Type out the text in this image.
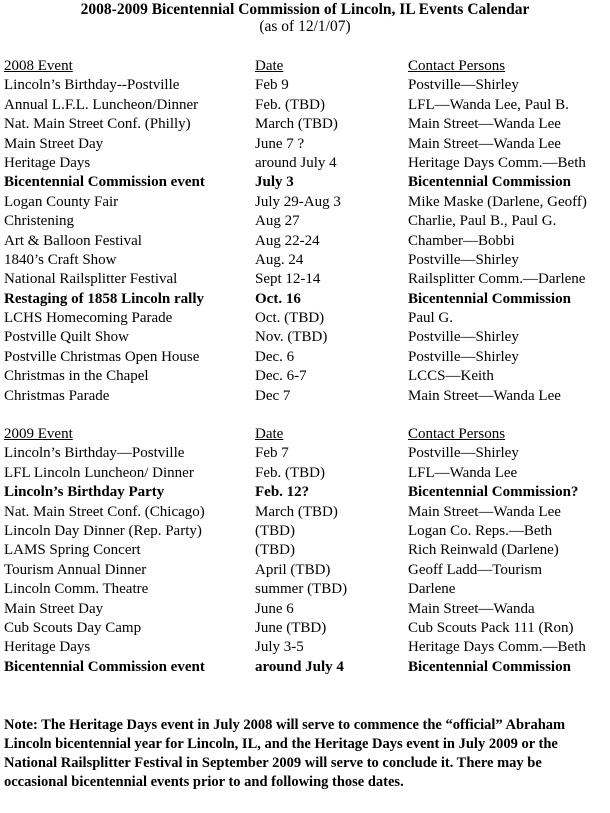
2008-2009 Bicentennial Commission of Lincoln, IL Events Calendar
(as of 12/1/07)
2008 Event	Date	Contact Persons
Lincoln’s Birthday--Postville	Feb 9	Postville—Shirley
Annual L.F.L. Luncheon/Dinner	Feb. (TBD)	LFL—Wanda Lee, Paul B.
Nat. Main Street Conf. (Philly)	March (TBD)	Main Street—Wanda Lee
Main Street Day	June 7 ?	Main Street—Wanda Lee
Heritage Days	around July 4	Heritage Days Comm.—Beth
Bicentennial Commission event	July 3	Bicentennial Commission
Logan County Fair	July 29-Aug 3	Mike Maske (Darlene, Geoff)
Christening	Aug 27	Charlie, Paul B., Paul G.
Art & Balloon Festival	Aug 22-24	Chamber—Bobbi
1840’s Craft Show	Aug. 24	Postville—Shirley
National Railsplitter Festival	Sept 12-14	Railsplitter Comm.—Darlene
Restaging of 1858 Lincoln rally	Oct. 16	Bicentennial Commission
LCHS Homecoming Parade	Oct. (TBD)	Paul G.
Postville Quilt Show	Nov. (TBD)	Postville—Shirley
Postville Christmas Open House	Dec. 6	Postville—Shirley
Christmas in the Chapel	Dec. 6-7	LCCS—Keith
Christmas Parade	Dec 7	Main Street—Wanda Lee
2009 Event	Date	Contact Persons
Lincoln’s Birthday—Postville	Feb 7	Postville—Shirley
LFL Lincoln Luncheon/ Dinner	Feb. (TBD)	LFL—Wanda Lee
Lincoln’s Birthday Party	Feb. 12?	Bicentennial Commission?
Nat. Main Street Conf. (Chicago)	March (TBD)	Main Street—Wanda Lee
Lincoln Day Dinner (Rep. Party)	(TBD)	Logan Co. Reps.—Beth
LAMS Spring Concert	(TBD)	Rich Reinwald (Darlene)
Tourism Annual Dinner	April (TBD)	Geoff Ladd—Tourism
Lincoln Comm. Theatre	summer (TBD)	Darlene
Main Street Day	June 6	Main Street—Wanda
Cub Scouts Day Camp	June (TBD)	Cub Scouts Pack 111 (Ron)
Heritage Days	July 3-5	Heritage Days Comm.—Beth
Bicentennial Commission event	around July 4	Bicentennial Commission
Note: The Heritage Days event in July 2008 will serve to commence the “official” Abraham Lincoln bicentennial year for Lincoln, IL, and the Heritage Days event in July 2009 or the National Railsplitter Festival in September 2009 will serve to conclude it. There may be occasional bicentennial events prior to and following those dates.
